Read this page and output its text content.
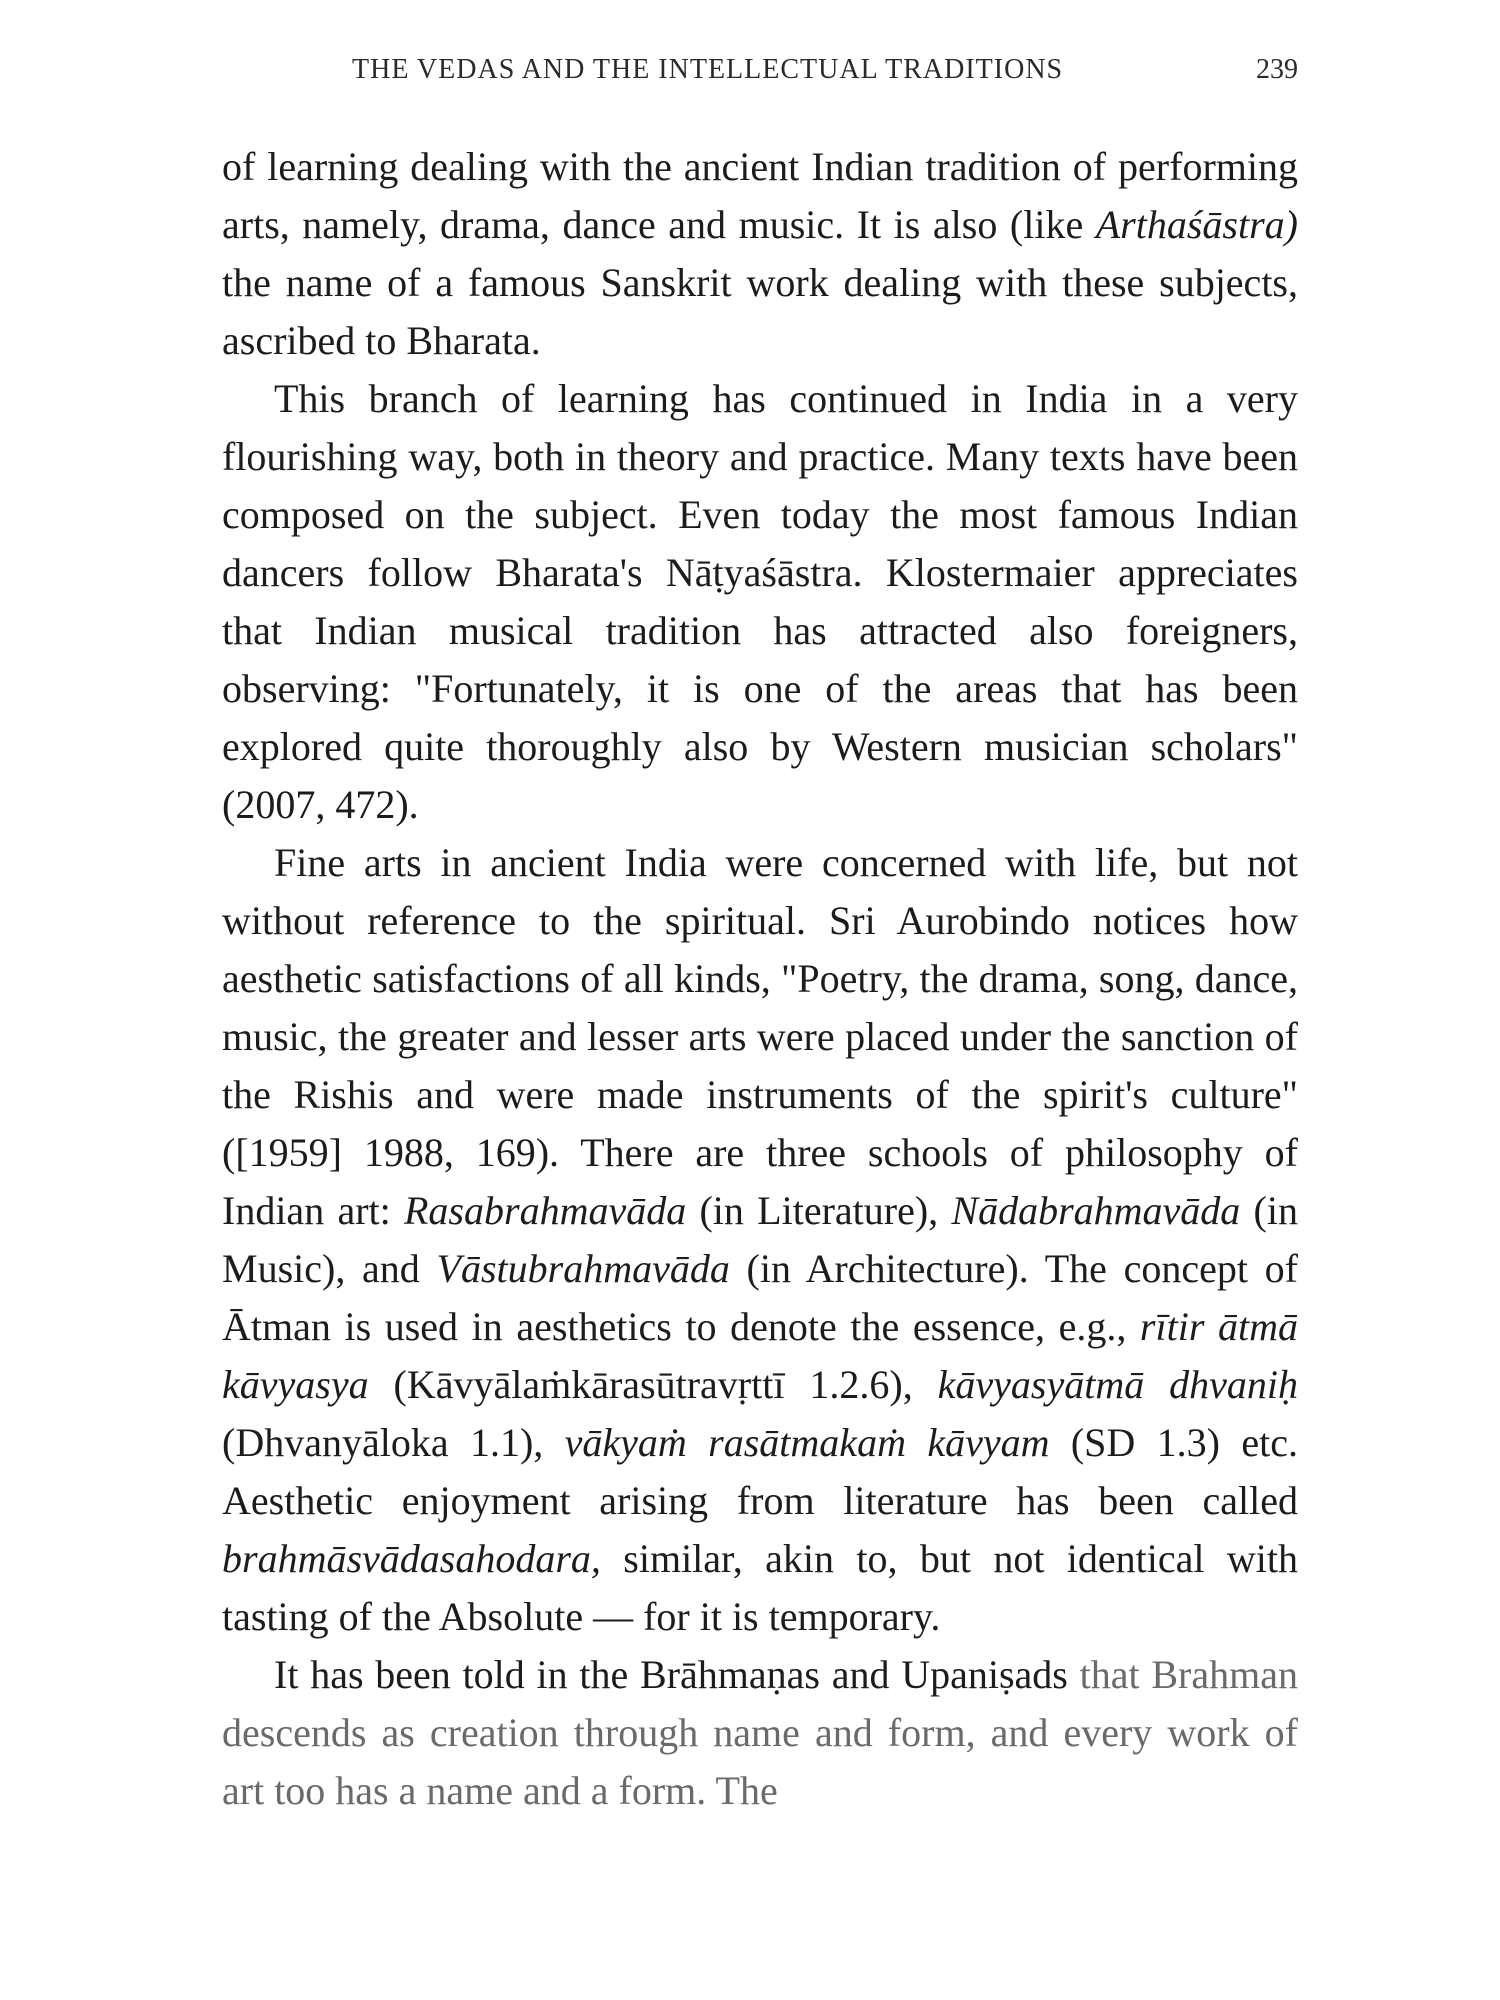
THE VEDAS AND THE INTELLECTUAL TRADITIONS	239

of learning dealing with the ancient Indian tradition of performing arts, namely, drama, dance and music. It is also (like Arthaśāstra) the name of a famous Sanskrit work dealing with these subjects, ascribed to Bharata.

This branch of learning has continued in India in a very flourishing way, both in theory and practice. Many texts have been composed on the subject. Even today the most famous Indian dancers follow Bharata's Nāṭyaśāstra. Klostermaier appreciates that Indian musical tradition has attracted also foreigners, observing: "Fortunately, it is one of the areas that has been explored quite thoroughly also by Western musician scholars" (2007, 472).

Fine arts in ancient India were concerned with life, but not without reference to the spiritual. Sri Aurobindo notices how aesthetic satisfactions of all kinds, "Poetry, the drama, song, dance, music, the greater and lesser arts were placed under the sanction of the Rishis and were made instruments of the spirit's culture" ([1959] 1988, 169). There are three schools of philosophy of Indian art: Rasabrahmavāda (in Literature), Nādabrahmavāda (in Music), and Vāstubrahmavāda (in Architecture). The concept of Ātman is used in aesthetics to denote the essence, e.g., rītir ātmā kāvyasya (Kāvyālaṁkārasūtravṛttī 1.2.6), kāvyasyātmā dhvaniḥ (Dhvanyāloka 1.1), vākyaṁ rasātmakaṁ kāvyam (SD 1.3) etc. Aesthetic enjoyment arising from literature has been called brahmāsvādasahodara, similar, akin to, but not identical with tasting of the Absolute — for it is temporary.

It has been told in the Brāhmaṇas and Upaniṣads that Brahman descends as creation through name and form, and every work of art too has a name and a form. The
